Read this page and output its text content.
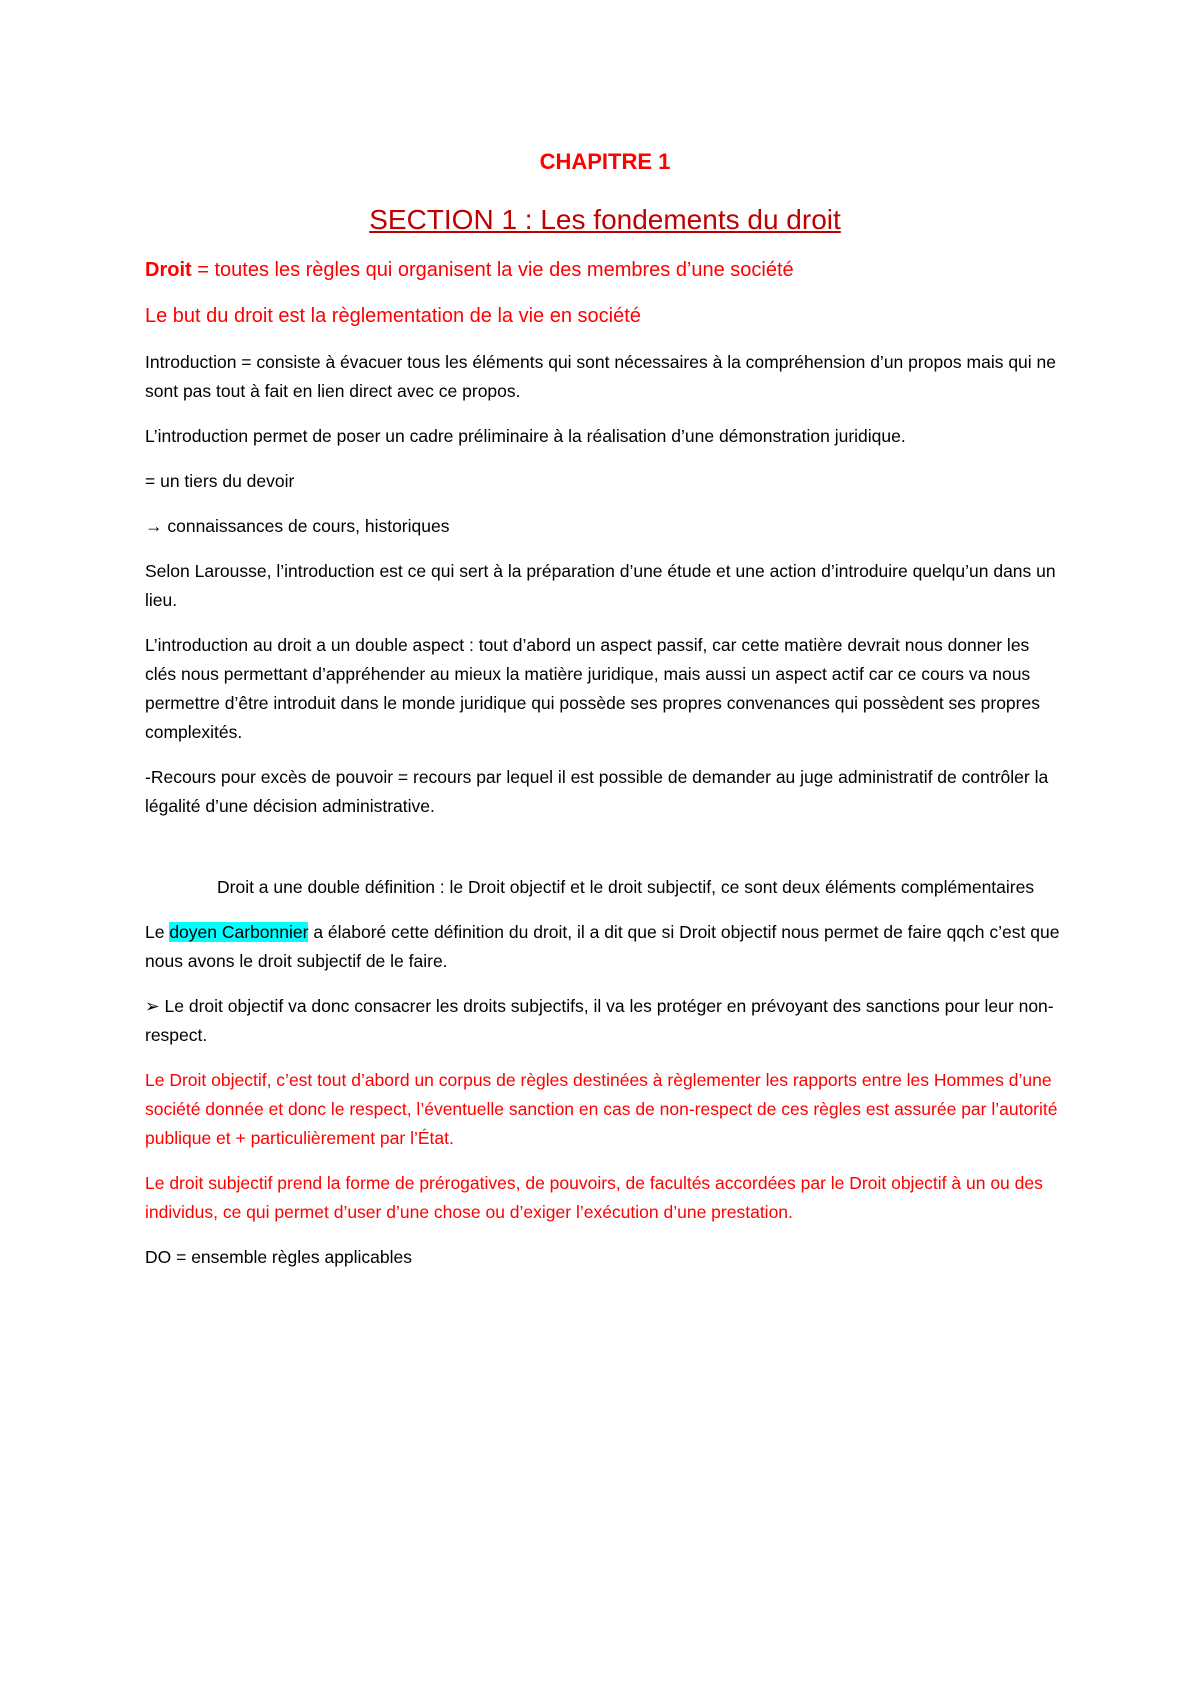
CHAPITRE 1
SECTION 1 : Les fondements du droit
Droit = toutes les règles qui organisent la vie des membres d’une société
Le but du droit est la règlementation de la vie en société

Introduction = consiste à évacuer tous les éléments qui sont nécessaires à la compréhension d’un propos mais qui ne sont pas tout à fait en lien direct avec ce propos.

L’introduction permet de poser un cadre préliminaire à la réalisation d’une démonstration juridique.

= un tiers du devoir

→ connaissances de cours, historiques

Selon Larousse, l’introduction est ce qui sert à la préparation d’une étude et une action d’introduire quelqu’un dans un lieu.

L’introduction au droit a un double aspect : tout d’abord un aspect passif, car cette matière devrait nous donner les clés nous permettant d’appréhender au mieux la matière juridique, mais aussi un aspect actif car ce cours va nous permettre d’être introduit dans le monde juridique qui possède ses propres convenances qui possèdent ses propres complexités.

-Recours pour excès de pouvoir = recours par lequel il est possible de demander au juge administratif de contrôler la légalité d’une décision administrative.

Droit a une double définition : le Droit objectif et le droit subjectif, ce sont deux éléments complémentaires

Le doyen Carbonnier a élaboré cette définition du droit, il a dit que si Droit objectif nous permet de faire qqch c’est que nous avons le droit subjectif de le faire.

➢ Le droit objectif va donc consacrer les droits subjectifs, il va les protéger en prévoyant des sanctions pour leur non-respect.

Le Droit objectif, c’est tout d’abord un corpus de règles destinées à règlementer les rapports entre les Hommes d’une société donnée et donc le respect, l’éventuelle sanction en cas de non-respect de ces règles est assurée par l’autorité publique et + particulièrement par l’État.

Le droit subjectif prend la forme de prérogatives, de pouvoirs, de facultés accordées par le Droit objectif à un ou des individus, ce qui permet d’user d’une chose ou d’exiger l’exécution d’une prestation.

DO = ensemble règles applicables
